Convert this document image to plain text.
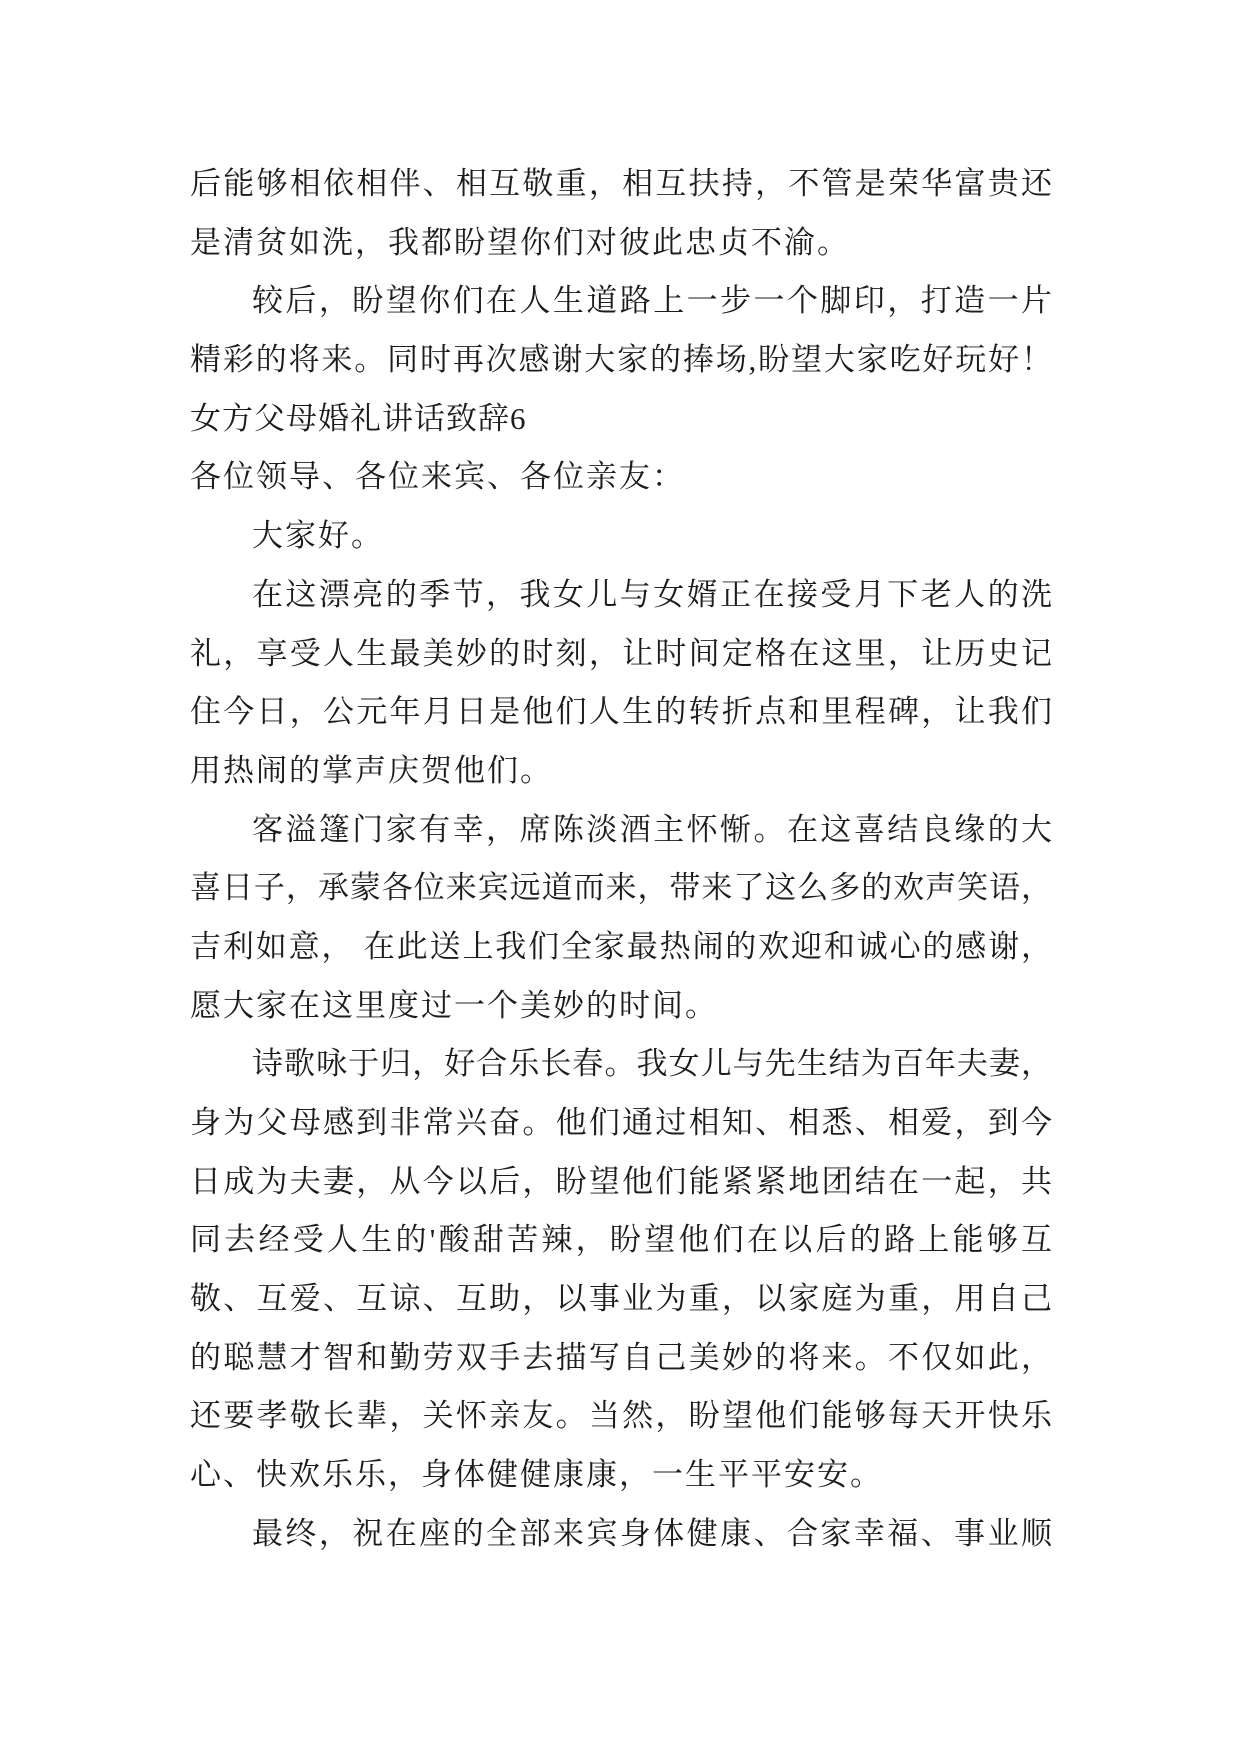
后能够相依相伴、相互敬重，相互扶持，不管是荣华富贵还
是清贫如洗，我都盼望你们对彼此忠贞不渝。
较后，盼望你们在人生道路上一步一个脚印，打造一片
精彩的将来。同时再次感谢大家的捧场,盼望大家吃好玩好！
女方父母婚礼讲话致辞6
各位领导、各位来宾、各位亲友：
大家好。
在这漂亮的季节，我女儿与女婿正在接受月下老人的洗
礼，享受人生最美妙的时刻，让时间定格在这里，让历史记
住今日，公元年月日是他们人生的转折点和里程碑，让我们
用热闹的掌声庆贺他们。
客溢篷门家有幸，席陈淡酒主怀惭。在这喜结良缘的大
喜日子，承蒙各位来宾远道而来，带来了这么多的欢声笑语，
吉利如意， 在此送上我们全家最热闹的欢迎和诚心的感谢，
愿大家在这里度过一个美妙的时间。
诗歌咏于归，好合乐长春。我女儿与先生结为百年夫妻，
身为父母感到非常兴奋。他们通过相知、相悉、相爱，到今
日成为夫妻，从今以后，盼望他们能紧紧地团结在一起，共
同去经受人生的'酸甜苦辣，盼望他们在以后的路上能够互
敬、互爱、互谅、互助，以事业为重，以家庭为重，用自己
的聪慧才智和勤劳双手去描写自己美妙的将来。不仅如此，
还要孝敬长辈，关怀亲友。当然，盼望他们能够每天开快乐
心、快欢乐乐，身体健健康康，一生平平安安。
最终，祝在座的全部来宾身体健康、合家幸福、事业顺
